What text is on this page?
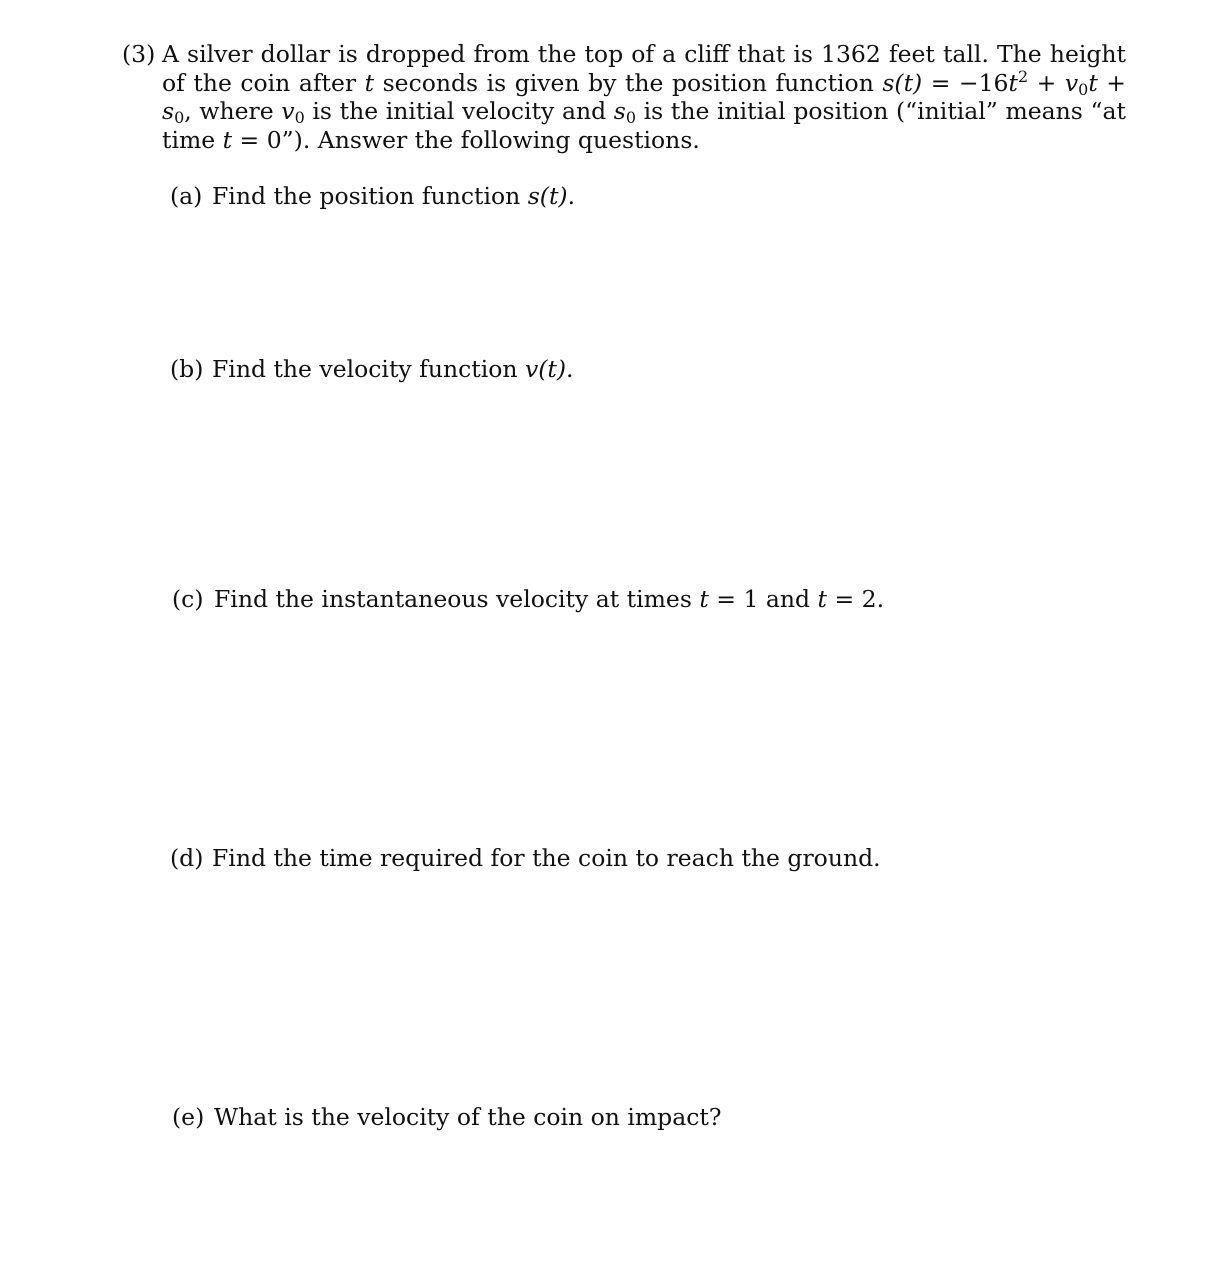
(3) A silver dollar is dropped from the top of a cliff that is 1362 feet tall. The height of the coin after t seconds is given by the position function $s(t) = -16t^2 + v_0t + s_0$, where $v_0$ is the initial velocity and $s_0$ is the initial position (“initial” means “at time t = 0”). Answer the following questions.
(a) Find the position function s(t).
(b) Find the velocity function v(t).
(c) Find the instantaneous velocity at times t = 1 and t = 2.
(d) Find the time required for the coin to reach the ground.
(e) What is the velocity of the coin on impact?
